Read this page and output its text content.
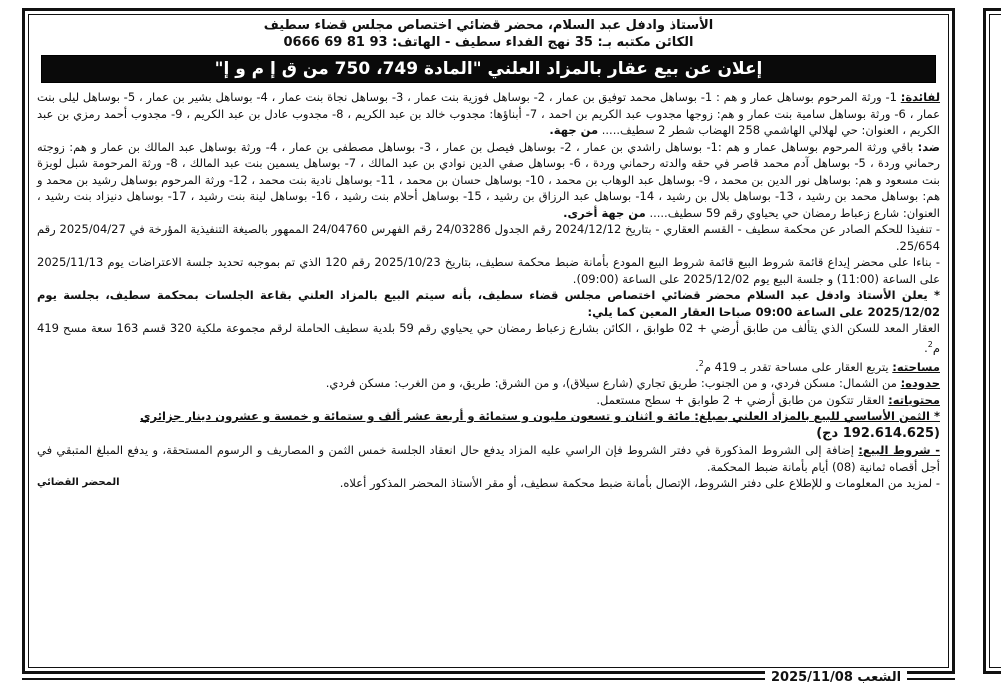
الأستاذ وادفل عبد السلام، محضر قضائي اختصاص مجلس قضاء سطيف
الكائن مكتبه بـ: 35 نهج الفداء سطيف - الهاتف: 93 81 69 0666
إعلان عن بيع عقار بالمزاد العلني "المادة 749، 750 من ق إ م و إ"

لفائدة: 1- ورثة المرحوم بوساهل عمار و هم : 1- بوساهل محمد توفيق بن عمار ، 2- بوساهل فوزية بنت عمار ، 3- بوساهل نجاة بنت عمار ، 4- بوساهل بشير بن عمار ، 5- بوساهل ليلى بنت عمار ، 6- ورثة بوساهل سامية بنت عمار و هم: زوجها مجدوب عبد الكريم بن احمد ، 7- أبناؤها: مجدوب خالد بن عبد الكريم ، 8- مجدوب عادل بن عبد الكريم ، 9- مجدوب أحمد رمزي بن عبد الكريم ، العنوان: حي لهلالي الهاشمي 258 الهضاب شطر 2 سطيف..... من جهة.

ضد: باقي ورثة المرحوم بوساهل عمار و هم :1- بوساهل راشدي بن عمار ، 2- بوساهل فيصل بن عمار ، 3- بوساهل مصطفى بن عمار ، 4- ورثة بوساهل عبد المالك بن عمار و هم: زوجته رحماني وردة ، 5- بوساهل آدم محمد قاصر في حقه والدته رحماني وردة ، 6- بوساهل صفي الدين نوادي بن عبد المالك ، 7- بوساهل يسمين بنت عبد المالك ، 8- ورثة المرحومة شبل لويزة بنت مسعود و هم: بوساهل نور الدين بن محمد ، 9- بوساهل عبد الوهاب بن محمد ، 10- بوساهل حسان بن محمد ، 11- بوساهل نادية بنت محمد ، 12- ورثة المرحوم بوساهل رشيد بن محمد و هم: بوساهل محمد بن رشيد ، 13- بوساهل بلال بن رشيد ، 14- بوساهل عبد الرزاق بن رشيد ، 15- بوساهل أحلام بنت رشيد ، 16- بوساهل لينة بنت رشيد ، 17- بوساهل دنيزاد بنت رشيد ، العنوان: شارع زعباط رمضان حي يحياوي رقم 59 سطيف..... من جهة أخرى.

- تنفيذا للحكم الصادر عن محكمة سطيف - القسم العقاري - بتاريخ 2024/12/12 رقم الجدول 24/03286 رقم الفهرس 24/04760 الممهور بالصيغة التنفيذية المؤرخة في 2025/04/27 رقم 25/654.

- بناءا على محضر إيداع قائمة شروط البيع قائمة شروط البيع المودع بأمانة ضبط محكمة سطيف، بتاريخ 2025/10/23 رقم 120 الذي تم بموجبه تحديد جلسة الاعتراضات يوم 2025/11/13 على الساعة (11:00) و جلسة البيع يوم 2025/12/02 على الساعة (09:00).

* يعلن الأستاذ وادفل عبد السلام محضر قضائي اختصاص مجلس قضاء سطيف، بأنه سيتم البيع بالمزاد العلني بقاعة الجلسات بمحكمة سطيف، بجلسة يوم 2025/12/02 على الساعة 09:00 صباحا العقار المعين كما يلي:

العقار المعد للسكن الذي يتألف من طابق أرضي + 02 طوابق ، الكائن بشارع زعباط رمضان حي يحياوي رقم 59 بلدية سطيف الحاملة لرقم مجموعة ملكية 320 قسم 163 سعة مسح 419 م$^2$.

مساحته: يتربع العقار على مساحة تقدر بـ 419 م$^2$.

حدوده: من الشمال: مسكن فردي، و من الجنوب: طريق تجاري (شارع سيلاق)، و من الشرق: طريق، و من الغرب: مسكن فردي.

محتوياته: العقار تتكون من طابق أرضي + 2 طوابق + سطح مستعمل.

* الثمن الأساسي للبيع بالمزاد العلني بمبلغ: مائة و اثنان و تسعون مليون و ستمائة و أربعة عشر ألف و ستمائة و خمسة و عشرون دينار جزائري

(192.614.625 دج)

- شروط البيع: إضافة إلى الشروط المذكورة في دفتر الشروط فإن الراسي عليه المزاد يدفع حال انعقاد الجلسة خمس الثمن و المصاريف و الرسوم المستحقة، و يدفع المبلغ المتبقي في أجل أقصاه ثمانية (08) أيام بأمانة ضبط المحكمة.

- لمزيد من المعلومات و للإطلاع على دفتر الشروط، الإتصال بأمانة ضبط محكمة سطيف، أو مقر الأستاذ المحضر المذكور أعلاه.
المحضر القضائي

الشعب 2025/11/08
